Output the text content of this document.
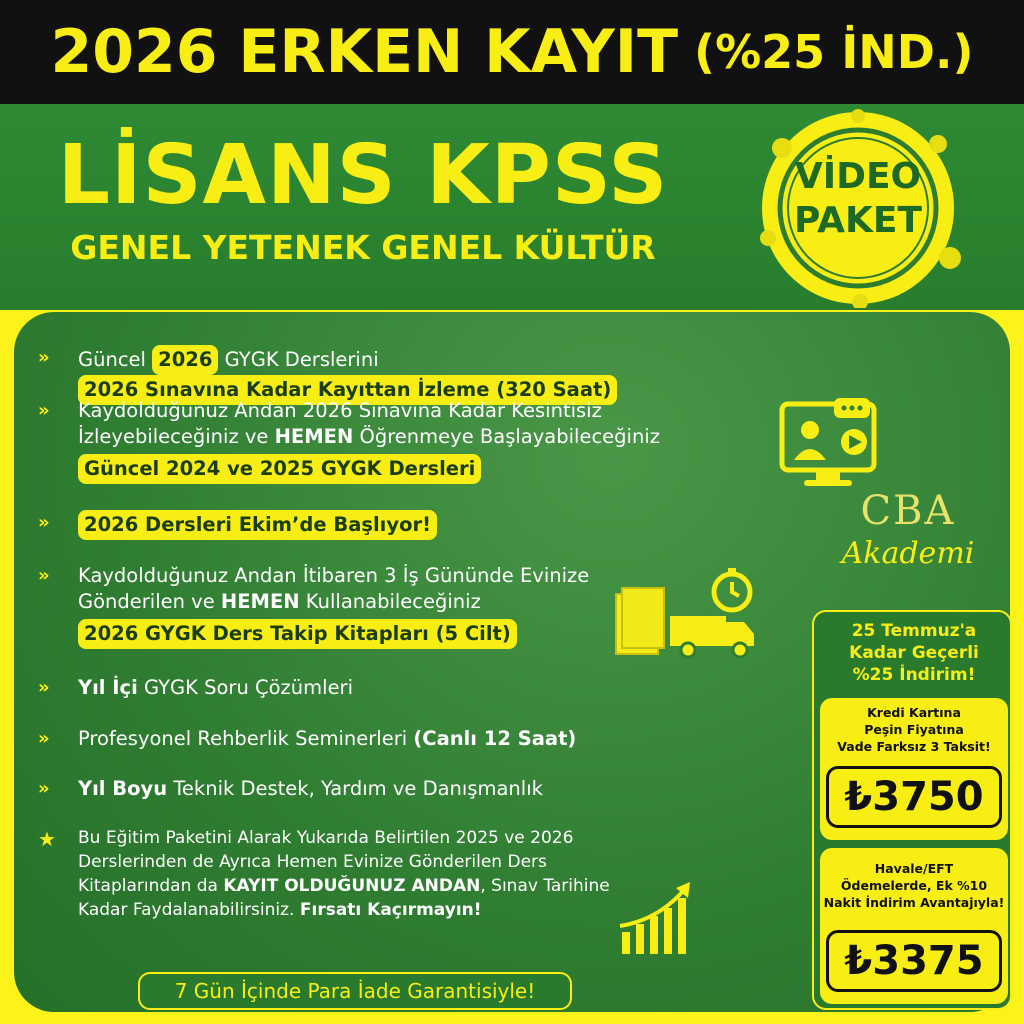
2026 ERKEN KAYIT (%25 İND.)
LİSANS KPSS
GENEL YETENEK GENEL KÜLTÜR
VİDEO
PAKET
»	Güncel 2026 GYGK Derslerini 2026 Sınavına Kadar Kayıttan İzleme (320 Saat)
»	Kaydolduğunuz Andan 2026 Sınavına Kadar Kesintisiz İzleyebileceğiniz ve HEMEN Öğrenmeye Başlayabileceğiniz
Güncel 2024 ve 2025 GYGK Dersleri
»	2026 Dersleri Ekim’de Başlıyor!
»	Kaydolduğunuz Andan İtibaren 3 İş Gününde Evinize Gönderilen ve HEMEN Kullanabileceğiniz
2026 GYGK Ders Takip Kitapları (5 Cilt)
»	Yıl İçi GYGK Soru Çözümleri
»	Profesyonel Rehberlik Seminerleri (Canlı 12 Saat)
»	Yıl Boyu Teknik Destek, Yardım ve Danışmanlık
★ Bu Eğitim Paketini Alarak Yukarıda Belirtilen 2025 ve 2026 Derslerinden de Ayrıca Hemen Evinize Gönderilen Ders Kitaplarından da KAYIT OLDUĞUNUZ ANDAN, Sınav Tarihine Kadar Faydalanabilirsiniz. Fırsatı Kaçırmayın!
CBA
Akademi
7 Gün İçinde Para İade Garantisiyle!
25 Temmuz'a
Kadar Geçerli
%25 İndirim!
Kredi Kartına
Peşin Fiyatına
Vade Farksız 3 Taksit!
₺3750
Havale/EFT
Ödemelerde, Ek %10
Nakit İndirim Avantajıyla!
₺3375
